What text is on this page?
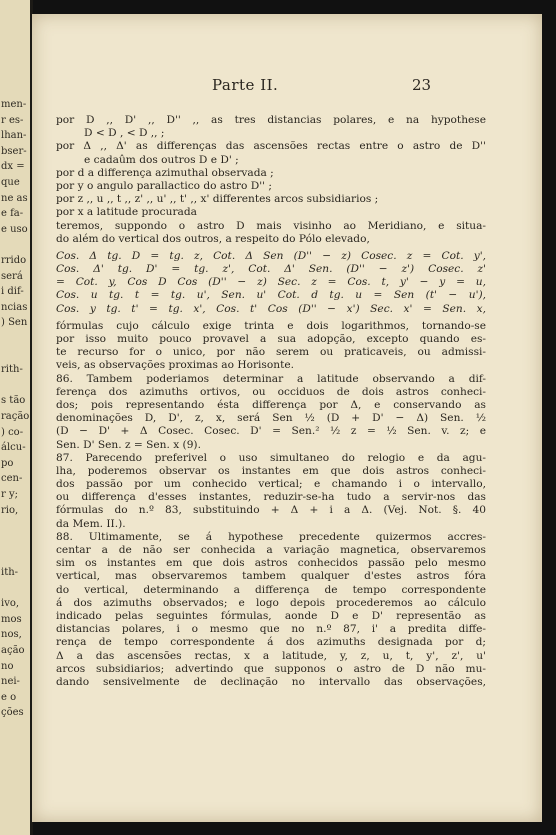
men-
r es-
lhan-
bser-
dx =
que
ne as
e fa-
e uso
rrido
será
i dif-
ncias
) Sen
rith-
s tão
ração
) co-
álcu-
po
cen-
r y;
rio,
ith-
ivo,
mos
nos,
ação
no
nei-
e o
ções
Parte II.	23
por D ,, D' ,, D'' ,, as tres distancias polares, e na hypothese
D < D , < D ,, ;
por Δ ,, Δ' as differenças das ascensões rectas entre o astro de D''
e cadaûm dos outros D e D' ;
por d a differença azimuthal observada ;
por y o angulo parallactico do astro D'' ;
por z ,, u ,, t ,, z' ,, u' ,, t' ,, x' differentes arcos subsidiarios ;
por x a latitude procurada
teremos, suppondo o astro D mais visinho ao Meridiano, e situa-
do além do vertical dos outros, a respeito do Pólo elevado,
Cos. Δ tg. D = tg. z, Cot. Δ Sen (D'' − z) Cosec. z = Cot. y',
Cos. Δ' tg. D' = tg. z', Cot. Δ' Sen. (D'' − z') Cosec. z'
= Cot. y, Cos D Cos (D'' − z) Sec. z = Cos. t, y' − y = u,
Cos. u tg. t = tg. u', Sen. u' Cot. d tg. u = Sen (t' − u'),
Cos. y tg. t' = tg. x', Cos. t' Cos (D'' − x') Sec. x' = Sen. x,
fórmulas cujo cálculo exige trinta e dois logarithmos, tornando-se
por isso muito pouco provavel a sua adopção, excepto quando es-
te recurso for o unico, por não serem ou praticaveis, ou admissi-
veis, as observações proximas ao Horisonte.
86. Tambem poderiamos determinar a latitude observando a dif-
ferença dos azimuths ortivos, ou occiduos de dois astros conheci-
dos; pois representando ésta differença por Δ, e conservando as
denominações D, D', z, x, será Sen ½ (D + D' − Δ) Sen. ½
(D − D' + Δ Cosec. Cosec. D' = Sen.² ½ z = ½ Sen. v. z; e
Sen. D' Sen. z = Sen. x (9).
87. Parecendo preferivel o uso simultaneo do relogio e da agu-
lha, poderemos observar os instantes em que dois astros conheci-
dos passão por um conhecido vertical; e chamando i o intervallo,
ou differença d'esses instantes, reduzir-se-ha tudo a servir-nos das
fórmulas do n.º 83, substituindo + Δ + i a Δ. (Vej. Not. §. 40
da Mem. II.).
88. Ultimamente, se á hypothese precedente quizermos accres-
centar a de não ser conhecida a variação magnetica, observaremos
sim os instantes em que dois astros conhecidos passão pelo mesmo
vertical, mas observaremos tambem qualquer d'estes astros fóra
do vertical, determinando a differença de tempo correspondente
á dos azimuths observados; e logo depois procederemos ao cálculo
indicado pelas seguintes fórmulas, aonde D e D' representão as
distancias polares, i o mesmo que no n.º 87, i' a predita diffe-
rença de tempo correspondente á dos azimuths designada por d;
Δ a das ascensões rectas, x a latitude, y, z, u, t, y', z', u'
arcos subsidiarios; advertindo que supponos o astro de D não mu-
dando sensivelmente de declinação no intervallo das observações,
